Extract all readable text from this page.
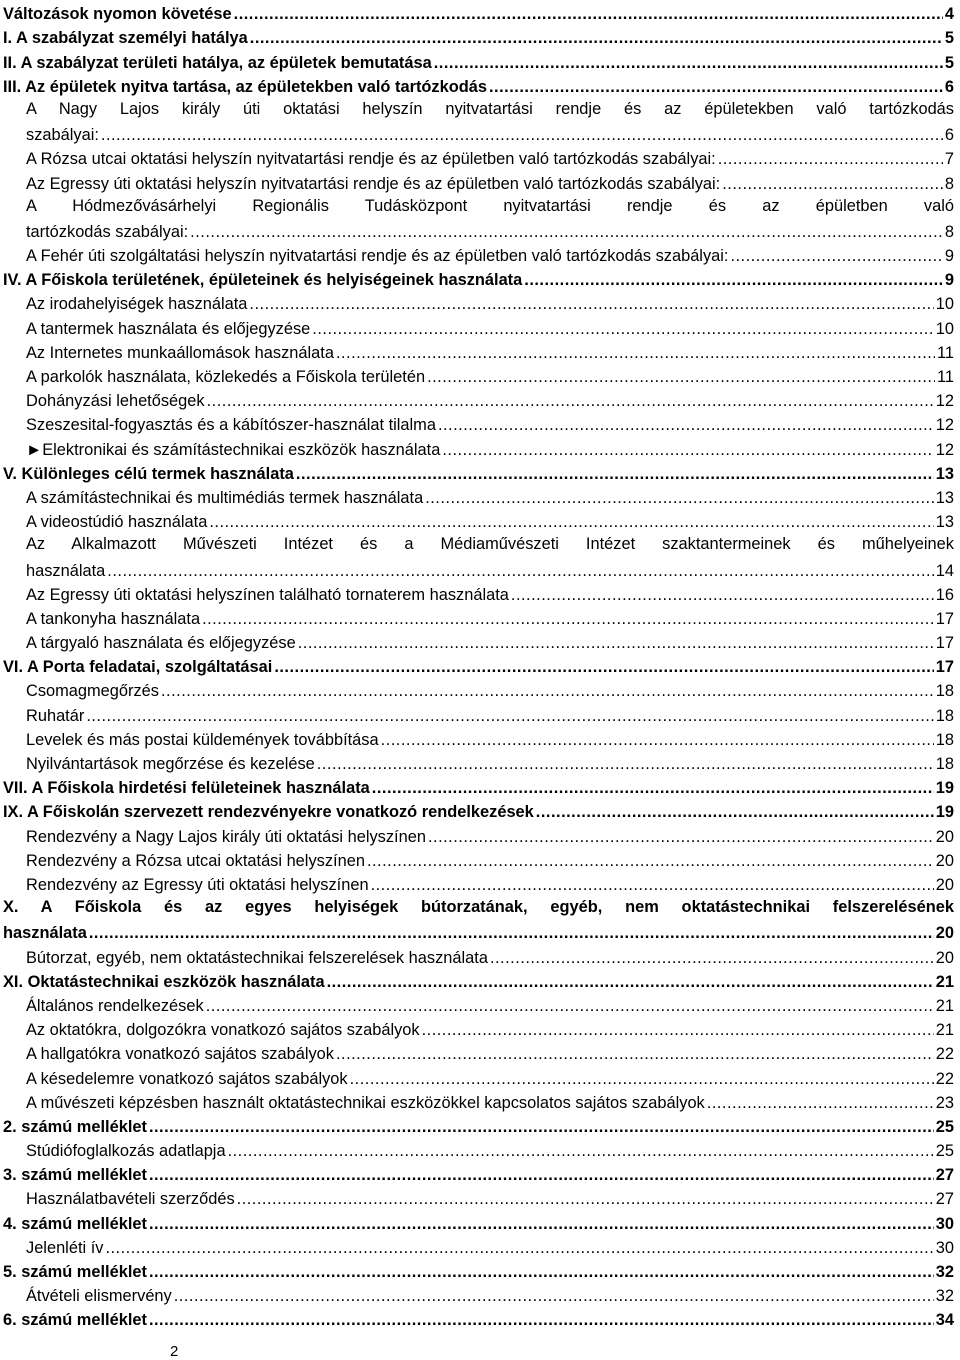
Változások nyomon követése .....	4
I. A szabályzat személyi hatálya .....	5
II. A szabályzat területi hatálya, az épületek bemutatása .....	5
III. Az épületek nyitva tartása, az épületekben való tartózkodás .....	6
A Nagy Lajos király úti oktatási helyszín nyitvatartási rendje és az épületekben való tartózkodás
szabályai: .....	6
A Rózsa utcai oktatási helyszín nyitvatartási rendje és az épületben való tartózkodás szabályai: .....	7
Az Egressy úti oktatási helyszín nyitvatartási rendje és az épületben való tartózkodás szabályai: .....	8
A Hódmezővásárhelyi Regionális Tudásközpont nyitvatartási rendje és az épületben való
tartózkodás szabályai: .....	8
A Fehér úti szolgáltatási helyszín nyitvatartási rendje és az épületben való tartózkodás szabályai: .....	9
IV. A Főiskola területének, épületeinek és helyiségeinek használata .....	9
Az irodahelyiségek használata .....	10
A tantermek használata és előjegyzése .....	10
Az Internetes munkaállomások használata .....	11
A parkolók használata, közlekedés a Főiskola területén .....	11
Dohányzási lehetőségek .....	12
Szeszesital-fogyasztás és a kábítószer-használat tilalma .....	12
►Elektronikai és számítástechnikai eszközök használata .....	12
V. Különleges célú termek használata .....	13
A számítástechnikai és multimédiás termek használata .....	13
A videostúdió használata .....	13
Az Alkalmazott Művészeti Intézet és a Médiaművészeti Intézet szaktantermeinek és műhelyeinek
használata .....	14
Az Egressy úti oktatási helyszínen található tornaterem használata .....	16
A tankonyha használata .....	17
A tárgyaló használata és előjegyzése .....	17
VI. A Porta feladatai, szolgáltatásai .....	17
Csomagmegőrzés .....	18
Ruhatár .....	18
Levelek és más postai küldemények továbbítása .....	18
Nyilvántartások megőrzése és kezelése .....	18
VII. A Főiskola hirdetési felületeinek használata .....	19
IX. A Főiskolán szervezett rendezvényekre vonatkozó rendelkezések .....	19
Rendezvény a Nagy Lajos király úti oktatási helyszínen .....	20
Rendezvény a Rózsa utcai oktatási helyszínen .....	20
Rendezvény az Egressy úti oktatási helyszínen .....	20
X. A Főiskola és az egyes helyiségek bútorzatának, egyéb, nem oktatástechnikai felszerelésének
használata .....	20
Bútorzat, egyéb, nem oktatástechnikai felszerelések használata .....	20
XI. Oktatástechnikai eszközök használata .....	21
Általános rendelkezések .....	21
Az oktatókra, dolgozókra vonatkozó sajátos szabályok .....	21
A hallgatókra vonatkozó sajátos szabályok .....	22
A késedelemre vonatkozó sajátos szabályok .....	22
A művészeti képzésben használt oktatástechnikai eszközökkel kapcsolatos sajátos szabályok .....	23
2. számú melléklet .....	25
Stúdiófoglalkozás adatlapja .....	25
3. számú melléklet .....	27
Használatbavételi szerződés .....	27
4. számú melléklet .....	30
Jelenléti ív .....	30
5. számú melléklet .....	32
Átvételi elismervény .....	32
6. számú melléklet .....	34
2
